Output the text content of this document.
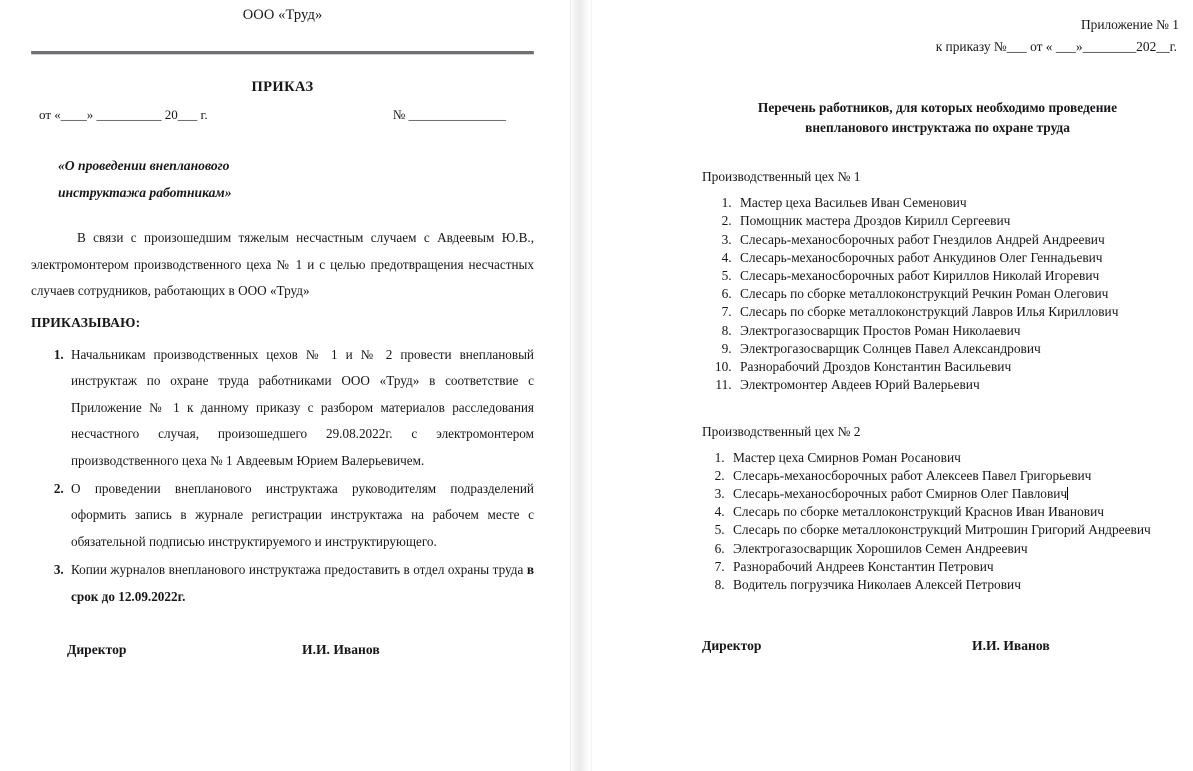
ООО «Труд»
ПРИКАЗ
от «____» __________ 20___ г.	№ _______________
«О проведении внепланового
инструктажа работникам»
В связи с произошедшим тяжелым несчастным случаем с Авдеевым Ю.В., электромонтером производственного цеха № 1 и с целью предотвращения несчастных случаев сотрудников, работающих в ООО «Труд»
ПРИКАЗЫВАЮ:
1. Начальникам производственных цехов № 1 и № 2 провести внеплановый инструктаж по охране труда работниками ООО «Труд» в соответствие с Приложение № 1 к данному приказу с разбором материалов расследования несчастного случая, произошедшего 29.08.2022г. с электромонтером производственного цеха № 1 Авдеевым Юрием Валерьевичем.
2. О проведении внепланового инструктажа руководителям подразделений оформить запись в журнале регистрации инструктажа на рабочем месте с обязательной подписью инструктируемого и инструктирующего.
3. Копии журналов внепланового инструктажа предоставить в отдел охраны труда в срок до 12.09.2022г.
Директор	И.И. Иванов
Приложение № 1
к приказу №___ от « ___»________202__г.
Перечень работников, для которых необходимо проведение
внепланового инструктажа по охране труда
Производственный цех № 1
1. Мастер цеха Васильев Иван Семенович
2. Помощник мастера Дроздов Кирилл Сергеевич
3. Слесарь-механосборочных работ Гнездилов Андрей Андреевич
4. Слесарь-механосборочных работ Анкудинов Олег Геннадьевич
5. Слесарь-механосборочных работ Кириллов Николай Игоревич
6. Слесарь по сборке металлоконструкций Речкин Роман Олегович
7. Слесарь по сборке металлоконструкций Лавров Илья Кириллович
8. Электрогазосварщик Простов Роман Николаевич
9. Электрогазосварщик Солнцев Павел Александрович
10. Разнорабочий Дроздов Константин Васильевич
11. Электромонтер Авдеев Юрий Валерьевич
Производственный цех № 2
1. Мастер цеха Смирнов Роман Росанович
2. Слесарь-механосборочных работ Алексеев Павел Григорьевич
3. Слесарь-механосборочных работ Смирнов Олег Павлович
4. Слесарь по сборке металлоконструкций Краснов Иван Иванович
5. Слесарь по сборке металлоконструкций Митрошин Григорий Андреевич
6. Электрогазосварщик Хорошилов Семен Андреевич
7. Разнорабочий Андреев Константин Петрович
8. Водитель погрузчика Николаев Алексей Петрович
Директор	И.И. Иванов
